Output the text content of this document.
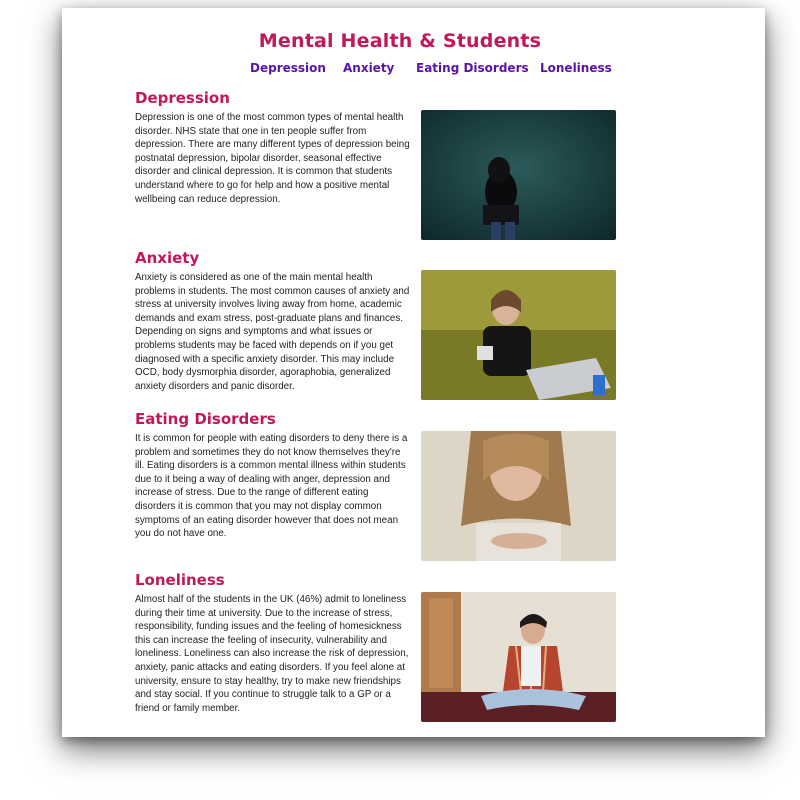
Mental Health & Students
Depression Anxiety Eating Disorders Loneliness
Depression

Depression is one of the most common types of mental health disorder. NHS state that one in ten people suffer from depression. There are many different types of depression being postnatal depression, bipolar disorder, seasonal effective disorder and clinical depression. It is common that students understand where to go for help and how a positive mental wellbeing can reduce depression.

Anxiety

Anxiety is considered as one of the main mental health problems in students. The most common causes of anxiety and stress at university involves living away from home, academic demands and exam stress, post-graduate plans and finances. Depending on signs and symptoms and what issues or problems students may be faced with depends on if you get diagnosed with a specific anxiety disorder. This may include OCD, body dysmorphia disorder, agoraphobia, generalized anxiety disorders and panic disorder.

Eating Disorders

It is common for people with eating disorders to deny there is a problem and sometimes they do not know themselves they're ill. Eating disorders is a common mental illness within students due to it being a way of dealing with anger, depression and increase of stress. Due to the range of different eating disorders it is common that you may not display common symptoms of an eating disorder however that does not mean you do not have one.

Loneliness

Almost half of the students in the UK (46%) admit to loneliness during their time at university. Due to the increase of stress, responsibility, funding issues and the feeling of homesickness this can increase the feeling of insecurity, vulnerability and loneliness. Loneliness can also increase the risk of depression, anxiety, panic attacks and eating disorders. If you feel alone at university, ensure to stay healthy, try to make new friendships and stay social. If you continue to struggle talk to a GP or a friend or family member.
